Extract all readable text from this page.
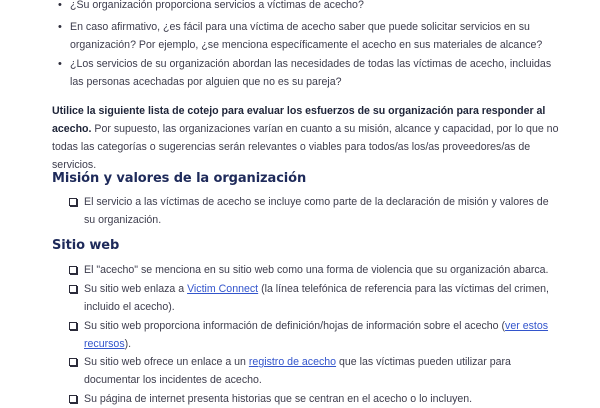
• ¿Su organización proporciona servicios a víctimas de acecho?
• En caso afirmativo, ¿es fácil para una víctima de acecho saber que puede solicitar servicios en su organización? Por ejemplo, ¿se menciona específicamente el acecho en sus materiales de alcance?
• ¿Los servicios de su organización abordan las necesidades de todas las víctimas de acecho, incluidas las personas acechadas por alguien que no es su pareja?
Utilice la siguiente lista de cotejo para evaluar los esfuerzos de su organización para responder al acecho. Por supuesto, las organizaciones varían en cuanto a su misión, alcance y capacidad, por lo que no todas las categorías o sugerencias serán relevantes o viables para todos/as los/as proveedores/as de servicios.
Misión y valores de la organización
El servicio a las víctimas de acecho se incluye como parte de la declaración de misión y valores de su organización.
Sitio web
El "acecho" se menciona en su sitio web como una forma de violencia que su organización abarca.
Su sitio web enlaza a Victim Connect (la línea telefónica de referencia para las víctimas del crimen, incluido el acecho).
Su sitio web proporciona información de definición/hojas de información sobre el acecho (ver estos recursos).
Su sitio web ofrece un enlace a un registro de acecho que las víctimas pueden utilizar para documentar los incidentes de acecho.
Su página de internet presenta historias que se centran en el acecho o lo incluyen.
